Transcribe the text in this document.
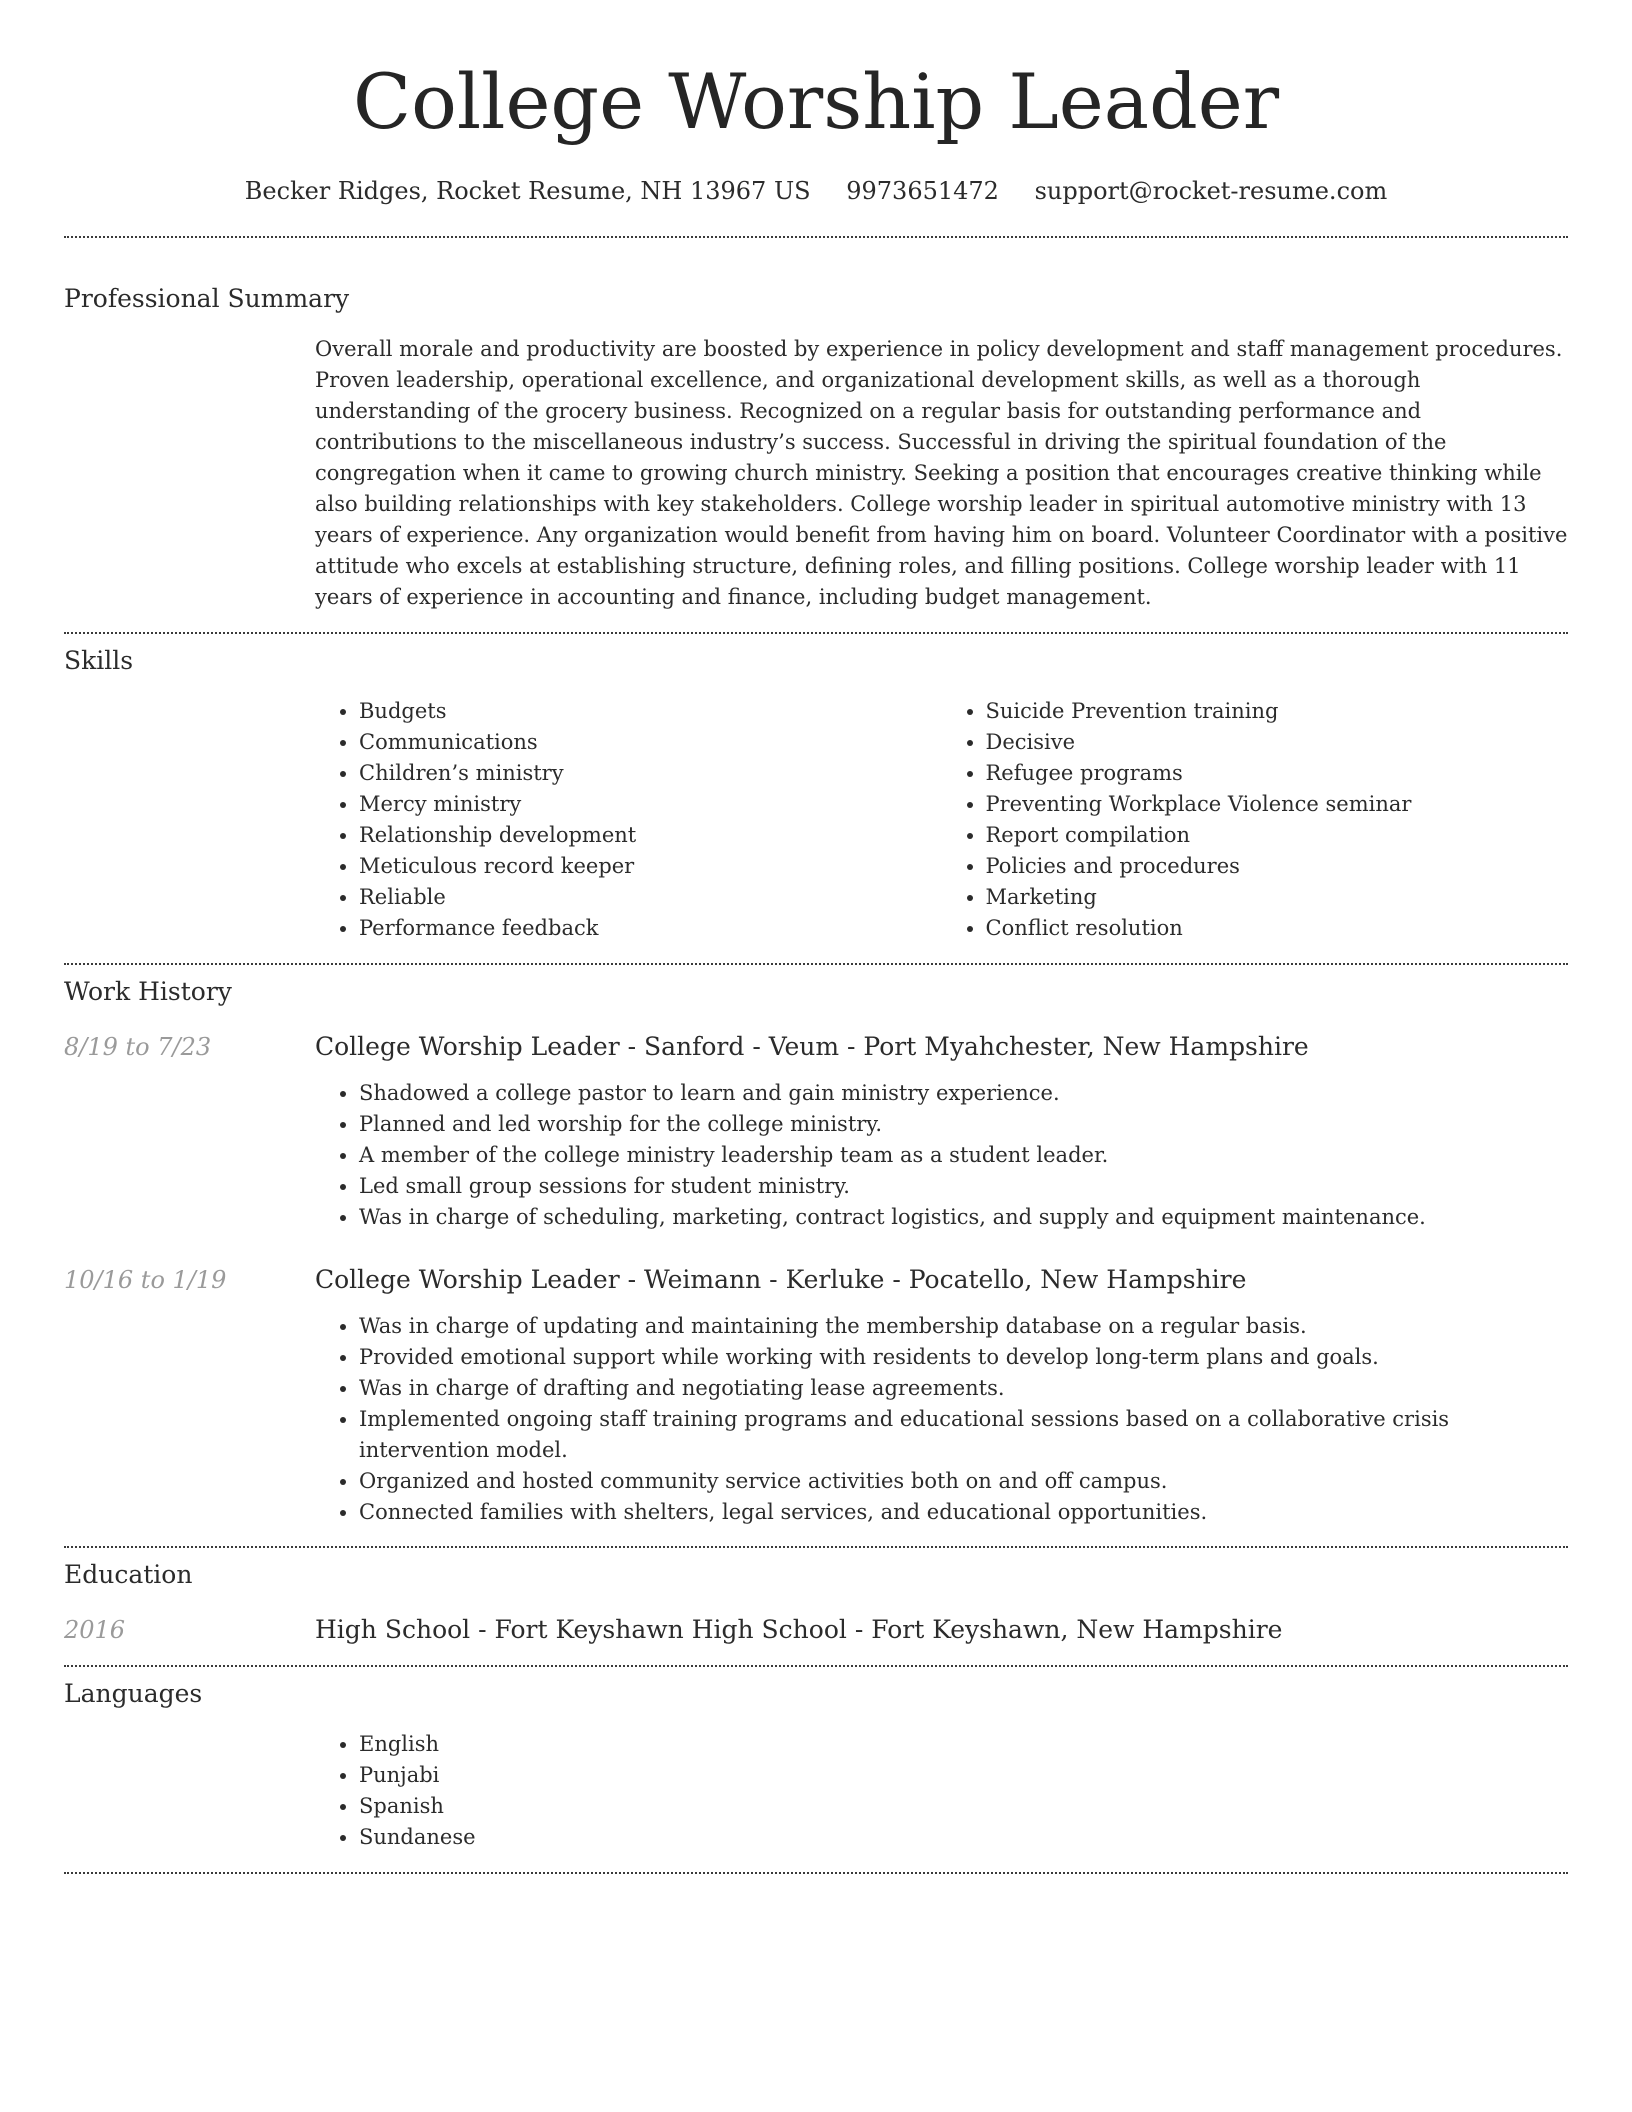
College Worship Leader
Becker Ridges, Rocket Resume, NH 13967 US 9973651472 support@rocket-resume.com
Professional Summary

Overall morale and productivity are boosted by experience in policy development and staff management procedures. Proven leadership, operational excellence, and organizational development skills, as well as a thorough understanding of the grocery business. Recognized on a regular basis for outstanding performance and contributions to the miscellaneous industry’s success. Successful in driving the spiritual foundation of the congregation when it came to growing church ministry. Seeking a position that encourages creative thinking while also building relationships with key stakeholders. College worship leader in spiritual automotive ministry with 13 years of experience. Any organization would benefit from having him on board. Volunteer Coordinator with a positive attitude who excels at establishing structure, defining roles, and filling positions. College worship leader with 11 years of experience in accounting and finance, including budget management.

Skills
• Budgets
• Communications
• Children’s ministry
• Mercy ministry
• Relationship development
• Meticulous record keeper
• Reliable
• Performance feedback
• Suicide Prevention training
• Decisive
• Refugee programs
• Preventing Workplace Violence seminar
• Report compilation
• Policies and procedures
• Marketing
• Conflict resolution
Work History
8/19 to 7/23	College Worship Leader - Sanford - Veum - Port Myahchester, New Hampshire
• Shadowed a college pastor to learn and gain ministry experience.
• Planned and led worship for the college ministry.
• A member of the college ministry leadership team as a student leader.
• Led small group sessions for student ministry.
• Was in charge of scheduling, marketing, contract logistics, and supply and equipment maintenance.
10/16 to 1/19	College Worship Leader - Weimann - Kerluke - Pocatello, New Hampshire
• Was in charge of updating and maintaining the membership database on a regular basis.
• Provided emotional support while working with residents to develop long-term plans and goals.
• Was in charge of drafting and negotiating lease agreements.
• Implemented ongoing staff training programs and educational sessions based on a collaborative crisis intervention model.
• Organized and hosted community service activities both on and off campus.
• Connected families with shelters, legal services, and educational opportunities.
Education
2016	High School - Fort Keyshawn High School - Fort Keyshawn, New Hampshire
Languages
• English
• Punjabi
• Spanish
• Sundanese
